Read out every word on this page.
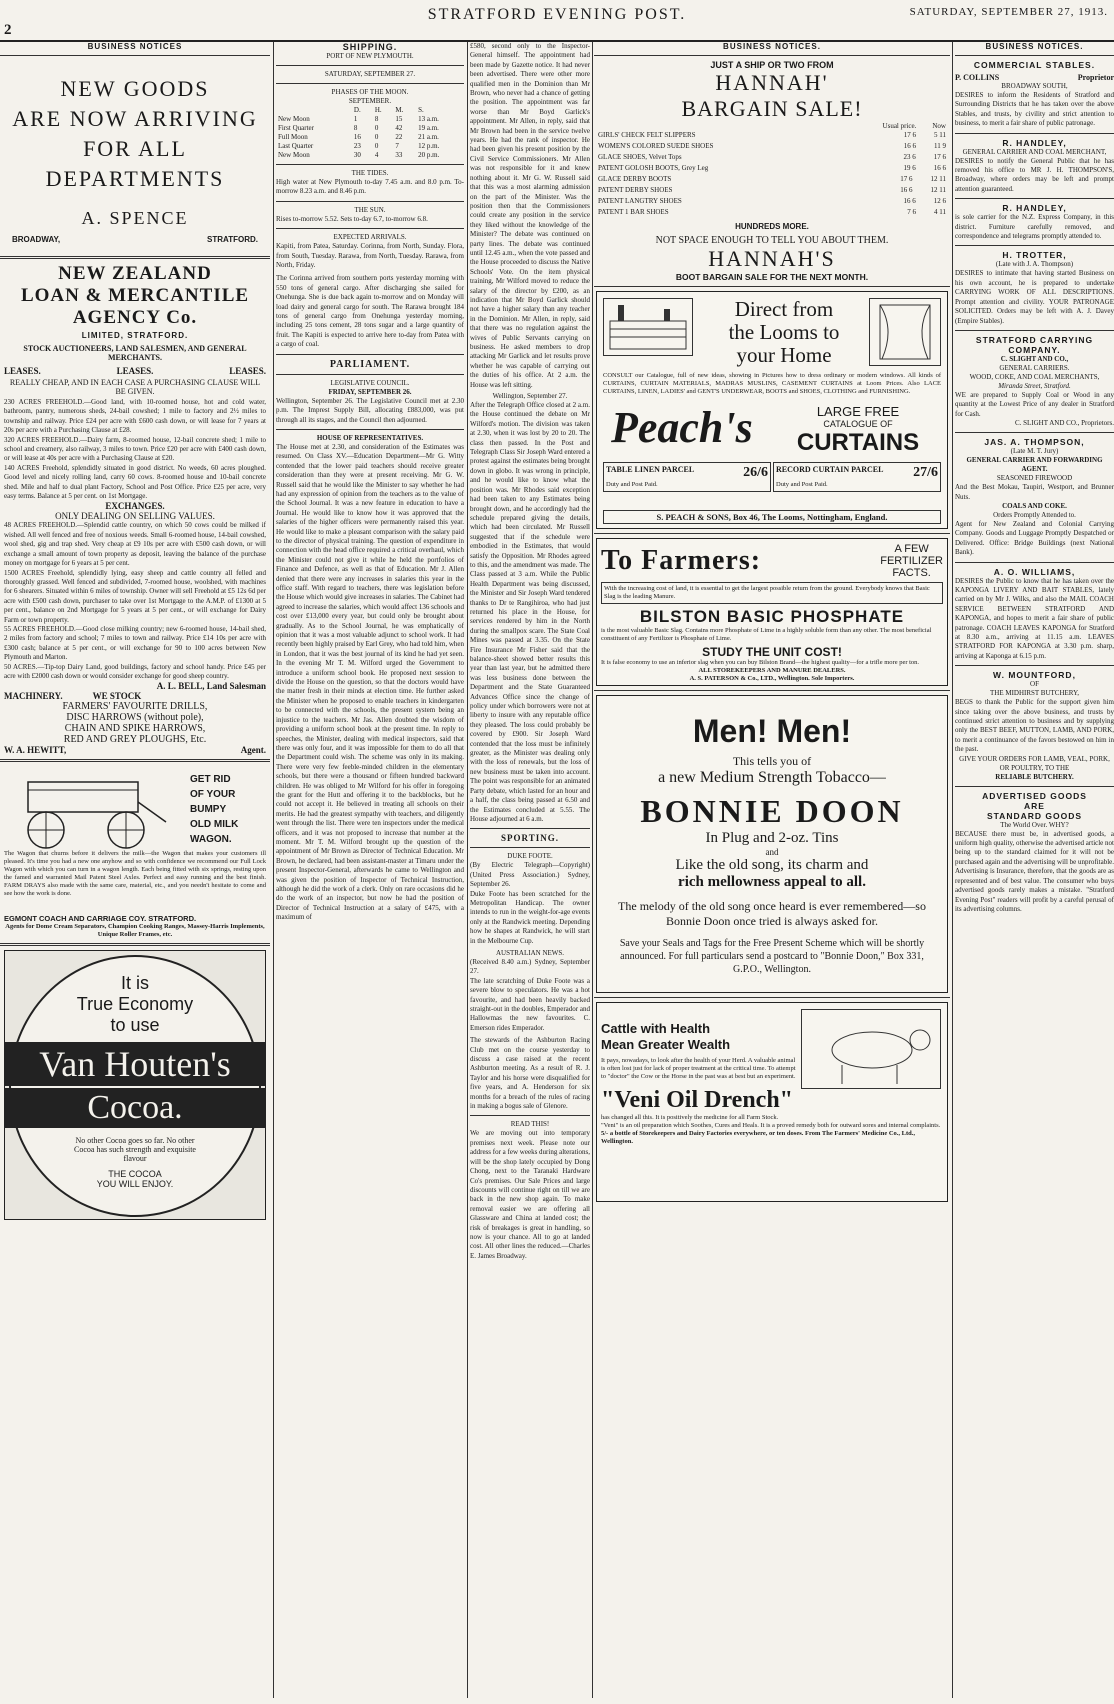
2
STRATFORD EVENING POST.	SATURDAY, SEPTEMBER 27, 1913.
BUSINESS NOTICES
NEW GOODS
ARE NOW ARRIVING
FOR ALL DEPARTMENTS
A. SPENCE
BROADWAY,	STRATFORD.
NEW ZEALAND
LOAN & MERCANTILE
AGENCY Co.
LIMITED, STRATFORD.
STOCK AUCTIONEERS, LAND SALESMEN, AND GENERAL MERCHANTS.
LEASES.	LEASES.	LEASES.
REALLY CHEAP, AND IN EACH CASE A PURCHASING CLAUSE WILL BE GIVEN.

230 ACRES FREEHOLD.—Good land, with 10-roomed house, hot and cold water, bathroom, pantry, numerous sheds, 24-bail cowshed; 1 mile to factory and 2½ miles to township and railway. Price £24 per acre with £600 cash down, or will lease for 7 years at 20s per acre with a Purchasing Clause at £28.

320 ACRES FREEHOLD.—Dairy farm, 8-roomed house, 12-bail concrete shed; 1 mile to school and creamery, also railway, 3 miles to town. Price £20 per acre with £400 cash down, or will lease at 40s per acre with a Purchasing Clause at £20.

140 ACRES Freehold, splendidly situated in good district. No weeds, 60 acres ploughed. Good level and nicely rolling land, carry 60 cows. 8-roomed house and 10-bail concrete shed. Mile and half to dual plant Factory, School and Post Office. Price £25 per acre, very easy terms. Balance at 5 per cent. on 1st Mortgage.

EXCHANGES.
ONLY DEALING ON SELLING VALUES.

48 ACRES FREEHOLD.—Splendid cattle country, on which 50 cows could be milked if wished. All well fenced and free of noxious weeds. Small 6-roomed house, 14-bail cowshed, wool shed, gig and trap shed. Very cheap at £9 10s per acre with £500 cash down, or will exchange a small amount of town property as deposit, leaving the balance of the purchase money on mortgage for 6 years at 5 per cent.

1500 ACRES Freehold, splendidly lying, easy sheep and cattle country all felled and thoroughly grassed. Well fenced and subdivided, 7-roomed house, woolshed, with machines for 6 shearers. Situated within 6 miles of township. Owner will sell Freehold at £5 12s 6d per acre with £500 cash down, purchaser to take over 1st Mortgage to the A.M.P. of £1300 at 5 per cent., balance on 2nd Mortgage for 5 years at 5 per cent., or will exchange for Dairy Farm or town property.

55 ACRES FREEHOLD.—Good close milking country; new 6-roomed house, 14-bail shed, 2 miles from factory and school; 7 miles to town and railway. Price £14 10s per acre with £300 cash; balance at 5 per cent., or will exchange for 90 to 100 acres between New Plymouth and Marton.

50 ACRES.—Tip-top Dairy Land, good buildings, factory and school handy. Price £45 per acre with £2000 cash down or would consider exchange for good sheep country.

A. L. BELL, Land Salesman
MACHINERY.	WE STOCK
FARMERS' FAVOURITE DRILLS,
DISC HARROWS (without pole),
CHAIN AND SPIKE HARROWS,
RED AND GREY PLOUGHS, Etc.
W. A. HEWITT,	Agent.
GET RID
OF YOUR
BUMPY
OLD MILK
WAGON.

The Wagon that churns before it delivers the milk—the Wagon that makes your customers ill pleased. It's time you had a new one anyhow and so with confidence we recommend our Full Lock Wagon with which you can turn in a wagon length. Each being fitted with six springs, resting upon the famed and warranted Mail Patent Steel Axles. Perfect and easy running and the best finish. FARM DRAYS also made with the same care, material, etc., and you needn't hesitate to come and see how the work is done.

EGMONT COACH AND CARRIAGE COY. STRATFORD.
Agents for Dome Cream Separators, Champion Cooking Ranges, Massey-Harris Implements, Unique Roller Frames, etc.
It is
True Economy
to use
Van Houten's
Cocoa.
No other Cocoa goes so far. No other
Cocoa has such strength and exquisite
flavour
THE COCOA
YOU WILL ENJOY.
SHIPPING.
PORT OF NEW PLYMOUTH.
SATURDAY, SEPTEMBER 27.
PHASES OF THE MOON.
SEPTEMBER.
	D.	H.	M.	S.
New Moon	1	8	15	13 a.m.
First Quarter	8	0	42	19 a.m.
Full Moon	16	0	22	21 a.m.
Last Quarter	23	0	7	12 p.m.
New Moon	30	4	33	20 p.m.
THE TIDES.

High water at New Plymouth to-day 7.45 a.m. and 8.0 p.m. To-morrow 8.23 a.m. and 8.46 p.m.

THE SUN.

Rises to-morrow 5.52. Sets to-day 6.7, to-morrow 6.8.

EXPECTED ARRIVALS.

Kapiti, from Patea, Saturday. Corinna, from North, Sunday. Flora, from South, Tuesday. Rarawa, from North, Tuesday. Rarawa, from North, Friday.

The Corinna arrived from southern ports yesterday morning with 550 tons of general cargo. After discharging she sailed for Onehunga. She is due back again to-morrow and on Monday will load dairy and general cargo for south. The Rarawa brought 184 tons of general cargo from Onehunga yesterday morning, including 25 tons cement, 28 tons sugar and a large quantity of fruit. The Kapiti is expected to arrive here to-day from Patea with a cargo of coal.

PARLIAMENT.
LEGISLATIVE COUNCIL.
FRIDAY, SEPTEMBER 26.

Wellington, September 26. The Legislative Council met at 2.30 p.m. The Imprest Supply Bill, allocating £883,000, was put through all its stages, and the Council then adjourned.

HOUSE OF REPRESENTATIVES.

The House met at 2.30, and consideration of the Estimates was resumed. On Class XV.—Education Department—Mr G. Witty contended that the lower paid teachers should receive greater consideration than they were at present receiving. Mr G. W. Russell said that he would like the Minister to say whether he had had any expression of opinion from the teachers as to the value of the School Journal. It was a new feature in education to have a Journal. He would like to know how it was approved that the salaries of the higher officers were permanently raised this year. He would like to make a pleasant comparison with the salary paid to the director of physical training. The question of expenditure in connection with the head office required a critical overhaul, which the Minister could not give it while he held the portfolios of Finance and Defence, as well as that of Education. Mr J. Allen denied that there were any increases in salaries this year in the office staff. With regard to teachers, there was legislation before the House which would give increases in salaries. The Cabinet had agreed to increase the salaries, which would affect 136 schools and cost over £13,000 every year, but could only be brought about gradually. As to the School Journal, he was emphatically of opinion that it was a most valuable adjunct to school work. It had recently been highly praised by Earl Grey, who had told him, when in London, that it was the best journal of its kind he had yet seen. In the evening Mr T. M. Wilford urged the Government to introduce a uniform school book. He proposed next session to divide the House on the question, so that the doctors would have the matter fresh in their minds at election time. He further asked the Minister when he proposed to enable teachers in kindergarten to be connected with the schools, the present system being an injustice to the teachers. Mr Jas. Allen doubted the wisdom of providing a uniform school book at the present time. In reply to speeches, the Minister, dealing with medical inspectors, said that there was only four, and it was impossible for them to do all that the Department could wish. The scheme was only in its making. There were very few feeble-minded children in the elementary schools, but there were a thousand or fifteen hundred backward children. He was obliged to Mr Wilford for his offer in foregoing the grant for the Hutt and offering it to the backblocks, but he could not accept it. He believed in treating all schools on their merits. He had the greatest sympathy with teachers, and diligently went through the list. There were ten inspectors under the medical officers, and it was not proposed to increase that number at the moment. Mr T. M. Wilford brought up the question of the appointment of Mr Brown as Director of Technical Education. Mr Brown, he declared, had been assistant-master at Timaru under the present Inspector-General, afterwards he came to Wellington and was given the position of Inspector of Technical Instruction, although he did the work of a clerk. Only on rare occasions did he do the work of an inspector, but now he had the position of Director of Technical Instruction at a salary of £475, with a maximum of

£580, second only to the Inspector-General himself. The appointment had been made by Gazette notice. It had never been advertised. There were other more qualified men in the Dominion than Mr Brown, who never had a chance of getting the position. The appointment was far worse than Mr Boyd Garlick's appointment. Mr Allen, in reply, said that Mr Brown had been in the service twelve years. He had the rank of inspector. He had been given his present position by the Civil Service Commissioners. Mr Allen was not responsible for it and knew nothing about it. Mr G. W. Russell said that this was a most alarming admission on the part of the Minister. Was the position then that the Commissioners could create any position in the service they liked without the knowledge of the Minister? The debate was continued on party lines. The debate was continued until 12.45 a.m., when the vote passed and the House proceeded to discuss the Native Schools' Vote. On the item physical training, Mr Wilford moved to reduce the salary of the director by £200, as an indication that Mr Boyd Garlick should not have a higher salary than any teacher in the Dominion. Mr Allen, in reply, said that there was no regulation against the wives of Public Servants carrying on business. He asked members to drop attacking Mr Garlick and let results prove whether he was capable of carrying out the duties of his office. At 2 a.m. the House was left sitting.

Wellington, September 27.

After the Telegraph Office closed at 2 a.m. the House continued the debate on Mr Wilford's motion. The division was taken at 2.30, when it was lost by 20 to 20. The class then passed. In the Post and Telegraph Class Sir Joseph Ward entered a protest against the estimates being brought down in globo. It was wrong in principle, and he would like to know what the position was. Mr Rhodes said exception had been taken to any Estimates being brought down, and he accordingly had the schedule prepared giving the details, which had been circulated. Mr Russell suggested that if the schedule were embodied in the Estimates, that would satisfy the Opposition. Mr Rhodes agreed to this, and the amendment was made. The Class passed at 3 a.m. While the Public Health Department was being discussed, the Minister and Sir Joseph Ward tendered thanks to Dr te Rangihiroa, who had just returned his place in the House, for services rendered by him in the North during the smallpox scare. The State Coal Mines was passed at 3.35. On the State Fire Insurance Mr Fisher said that the balance-sheet showed better results this year than last year, but he admitted there was less business done between the Department and the State Guaranteed Advances Office since the change of policy under which borrowers were not at liberty to insure with any reputable office they pleased. The loss could probably be covered by £900. Sir Joseph Ward contended that the loss must be infinitely greater, as the Minister was dealing only with the loss of renewals, but the loss of new business must be taken into account. The point was responsible for an animated Party debate, which lasted for an hour and a half, the class being passed at 6.50 and the Estimates concluded at 5.55. The House adjourned at 6 a.m.

SPORTING.
DUKE FOOTE.

(By Electric Telegraph—Copyright) (United Press Association.) Sydney, September 26.

Duke Foote has been scratched for the Metropolitan Handicap. The owner intends to run in the weight-for-age events only at the Randwick meeting. Depending how he shapes at Randwick, he will start in the Melbourne Cup.

AUSTRALIAN NEWS.

(Received 8.40 a.m.) Sydney, September 27.

The late scratching of Duke Foote was a severe blow to speculators. He was a hot favourite, and had been heavily backed straight-out in the doubles, Emperador and Hallowmas the new favourites. C. Emerson rides Emperador.

The stewards of the Ashburton Racing Club met on the course yesterday to discuss a case raised at the recent Ashburton meeting. As a result of R. J. Taylor and his horse were disqualified for five years, and A. Henderson for six months for a breach of the rules of racing in making a bogus sale of Glenore.

READ THIS!

We are moving out into temporary premises next week. Please note our address for a few weeks during alterations, will be the shop lately occupied by Dong Chong, next to the Taranaki Hardware Co's premises. Our Sale Prices and large discounts will continue right on till we are back in the new shop again. To make removal easier we are offering all Glassware and China at landed cost; the risk of breakages is great in handling, so now is your chance. All to go at landed cost. All other lines the reduced.—Charles E. James Broadway.

BUSINESS NOTICES.
JUST A SHIP OR TWO FROM
HANNAH'
BARGAIN SALE!
Usual price. Now
GIRLS' CHECK FELT SLIPPERS	17 6	5 11
WOMEN'S COLORED SUEDE SHOES	16 6	11 9
GLACE SHOES, Velvet Tops	23 6	17 6
PATENT GOLOSH BOOTS, Grey Leg	19 6	16 6
GLACE DERBY BOOTS	17 6	12 11
PATENT DERBY SHOES	16 6	12 11
PATENT LANGTRY SHOES	16 6	12 6
PATENT 1 BAR SHOES	7 6	4 11
HUNDREDS MORE.
NOT SPACE ENOUGH TO TELL YOU ABOUT THEM.
HANNAH'S
BOOT BARGAIN SALE FOR THE NEXT MONTH.
Direct from
the Looms to
your Home

CONSULT our Catalogue, full of new ideas, showing in Pictures how to dress ordinary or modern windows. All kinds of CURTAINS, CURTAIN MATERIALS, MADRAS MUSLINS, CASEMENT CURTAINS at Loom Prices. Also LACE CURTAINS, LINEN, LADIES' and GENT'S UNDERWEAR, BOOTS and SHOES, CLOTHING and FURNISHING.

Peach's	LARGE FREE
CATALOGUE OF
CURTAINS
TABLE LINEN PARCEL	26/6
Duty and Post Paid.
RECORD CURTAIN PARCEL 27/6
Duty and Post Paid.
S. PEACH & SONS, Box 46, The Looms, Nottingham, England.
To Farmers:	A FEW
FERTILIZER
FACTS.

With the increasing cost of land, it is essential to get the largest possible return from the ground. Everybody knows that Basic Slag is the leading Manure.

BILSTON BASIC PHOSPHATE

is the most valuable Basic Slag. Contains more Phosphate of Lime in a highly soluble form than any other. The most beneficial constituent of any Fertilizer is Phosphate of Lime.

STUDY THE UNIT COST!

It is false economy to use an inferior slag when you can buy Bilston Brand—the highest quality—for a trifle more per ton.

ALL STOREKEEPERS AND MANURE DEALERS.
A. S. PATERSON & Co., LTD., Wellington. Sole Importers.
Men! Men!
This tells you of
a new Medium Strength Tobacco—
BONNIE DOON
In Plug and 2-oz. Tins
and
Like the old song, its charm and
rich mellowness appeal to all.

The melody of the old song once heard is ever remembered—so Bonnie Doon once tried is always asked for.

Save your Seals and Tags for the Free Present Scheme which will be shortly announced. For full particulars send a postcard to "Bonnie Doon," Box 331, G.P.O., Wellington.

Cattle with Health
Mean Greater Wealth

It pays, nowadays, to look after the health of your Herd. A valuable animal is often lost just for lack of proper treatment at the critical time. To attempt to "doctor" the Cow or the Horse in the past was at best but an experiment.

"Veni Oil Drench"

has changed all this. It is positively the medicine for all Farm Stock.

"Veni" is an oil preparation which Soothes, Cures and Heals. It is a proved remedy both for outward sores and internal complaints.

5/- a bottle of Storekeepers and Dairy Factories everywhere, or ten doses. From The Farmers' Medicine Co., Ltd., Wellington.

BUSINESS NOTICES.
COMMERCIAL STABLES.
P. COLLINS	Proprietor
BROADWAY SOUTH,

DESIRES to inform the Residents of Stratford and Surrounding Districts that he has taken over the above Stables, and trusts, by civility and strict attention to business, to merit a fair share of public patronage.

R. HANDLEY,
GENERAL CARRIER AND COAL MERCHANT,

DESIRES to notify the General Public that he has removed his office to MR J. H. THOMPSON'S, Broadway, where orders may be left and prompt attention guaranteed.

R. HANDLEY,

is sole carrier for the N.Z. Express Company, in this district. Furniture carefully removed, and correspondence and telegrams promptly attended to.

H. TROTTER,
(Late with J. A. Thompson)

DESIRES to intimate that having started Business on his own account, he is prepared to undertake CARRYING WORK OF ALL DESCRIPTIONS. Prompt attention and civility. YOUR PATRONAGE SOLICITED. Orders may be left with A. J. Davey (Empire Stables).

STRATFORD CARRYING COMPANY.
C. SLIGHT AND CO.,
GENERAL CARRIERS.
WOOD, COKE, AND COAL MERCHANTS,
Miranda Street, Stratford.

WE are prepared to Supply Coal or Wood in any quantity at the Lowest Price of any dealer in Stratford for Cash.

C. SLIGHT AND CO., Proprietors.
JAS. A. THOMPSON,
(Late M. T. Jury)
GENERAL CARRIER AND FORWARDING AGENT.
SEASONED FIREWOOD

And the Best Mokau, Taupiri, Westport, and Brunner Nuts.

COALS AND COKE.
Orders Promptly Attended to.

Agent for New Zealand and Colonial Carrying Company. Goods and Luggage Promptly Despatched or Delivered. Office: Bridge Buildings (next National Bank).

A. O. WILLIAMS,

DESIRES the Public to know that he has taken over the KAPONGA LIVERY AND BAIT STABLES, lately carried on by Mr J. Wilks, and also the MAIL COACH SERVICE BETWEEN STRATFORD AND KAPONGA, and hopes to merit a fair share of public patronage. COACH LEAVES KAPONGA for Stratford at 8.30 a.m., arriving at 11.15 a.m. LEAVES STRATFORD FOR KAPONGA at 3.30 p.m. sharp, arriving at Kaponga at 6.15 p.m.

W. MOUNTFORD,
OF
THE MIDHIRST BUTCHERY,

BEGS to thank the Public for the support given him since taking over the above business, and trusts by continued strict attention to business and by supplying only the BEST BEEF, MUTTON, LAMB, AND PORK, to merit a continuance of the favors bestowed on him in the past.

GIVE YOUR ORDERS FOR LAMB, VEAL, PORK, OR POULTRY, TO THE
RELIABLE BUTCHERY.
ADVERTISED GOODS
ARE
STANDARD GOODS
The World Over. WHY?

BECAUSE there must be, in advertised goods, a uniform high quality, otherwise the advertised article not being up to the standard claimed for it will not be purchased again and the advertising will be unprofitable. Advertising is Insurance, therefore, that the goods are as represented and of best value. The consumer who buys advertised goods rarely makes a mistake. "Stratford Evening Post" readers will profit by a careful perusal of its advertising columns.
